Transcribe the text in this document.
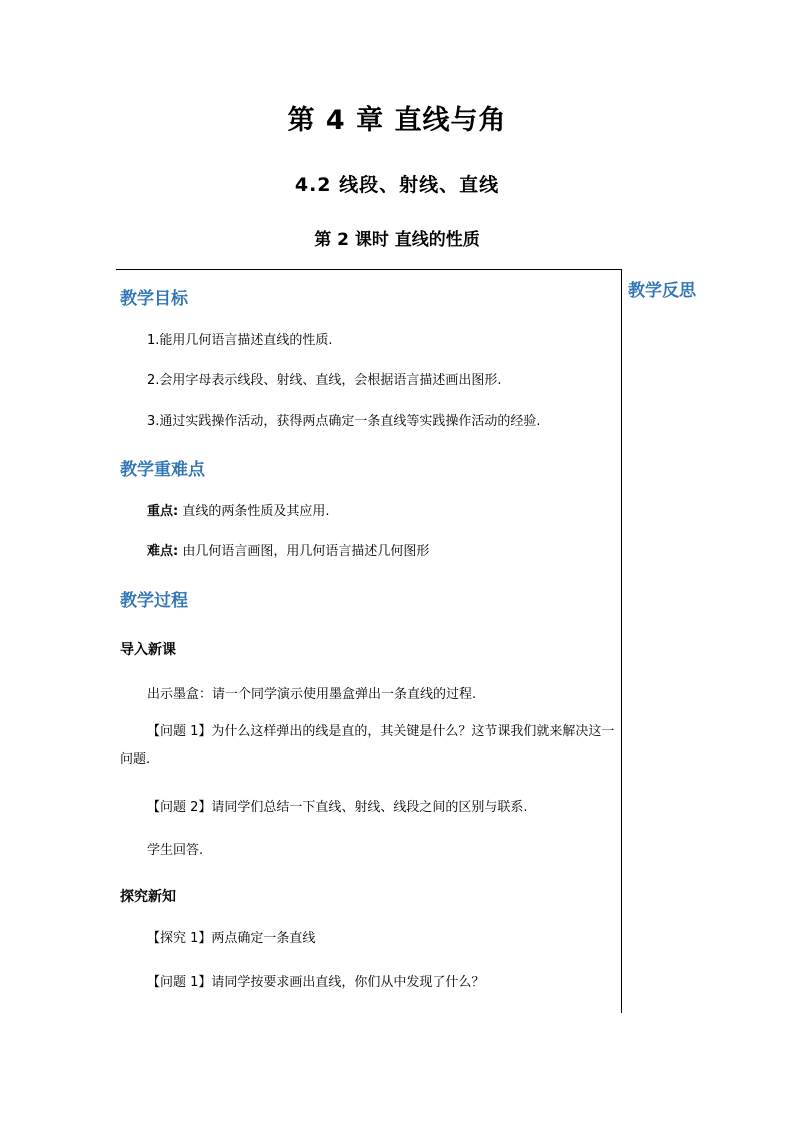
第 4 章 直线与角
4.2 线段、射线、直线
第 2 课时 直线的性质
教学反思
教学目标
1.能用几何语言描述直线的性质.
2.会用字母表示线段、射线、直线，会根据语言描述画出图形.
3.通过实践操作活动，获得两点确定一条直线等实践操作活动的经验.
教学重难点
重点: 直线的两条性质及其应用.
难点: 由几何语言画图，用几何语言描述几何图形
教学过程
导入新课
出示墨盒：请一个同学演示使用墨盒弹出一条直线的过程.
【问题 1】为什么这样弹出的线是直的，其关键是什么？这节课我们就来解决这一问题.
【问题 2】请同学们总结一下直线、射线、线段之间的区别与联系.
学生回答.
探究新知
【探究 1】两点确定一条直线
【问题 1】请同学按要求画出直线，你们从中发现了什么？
